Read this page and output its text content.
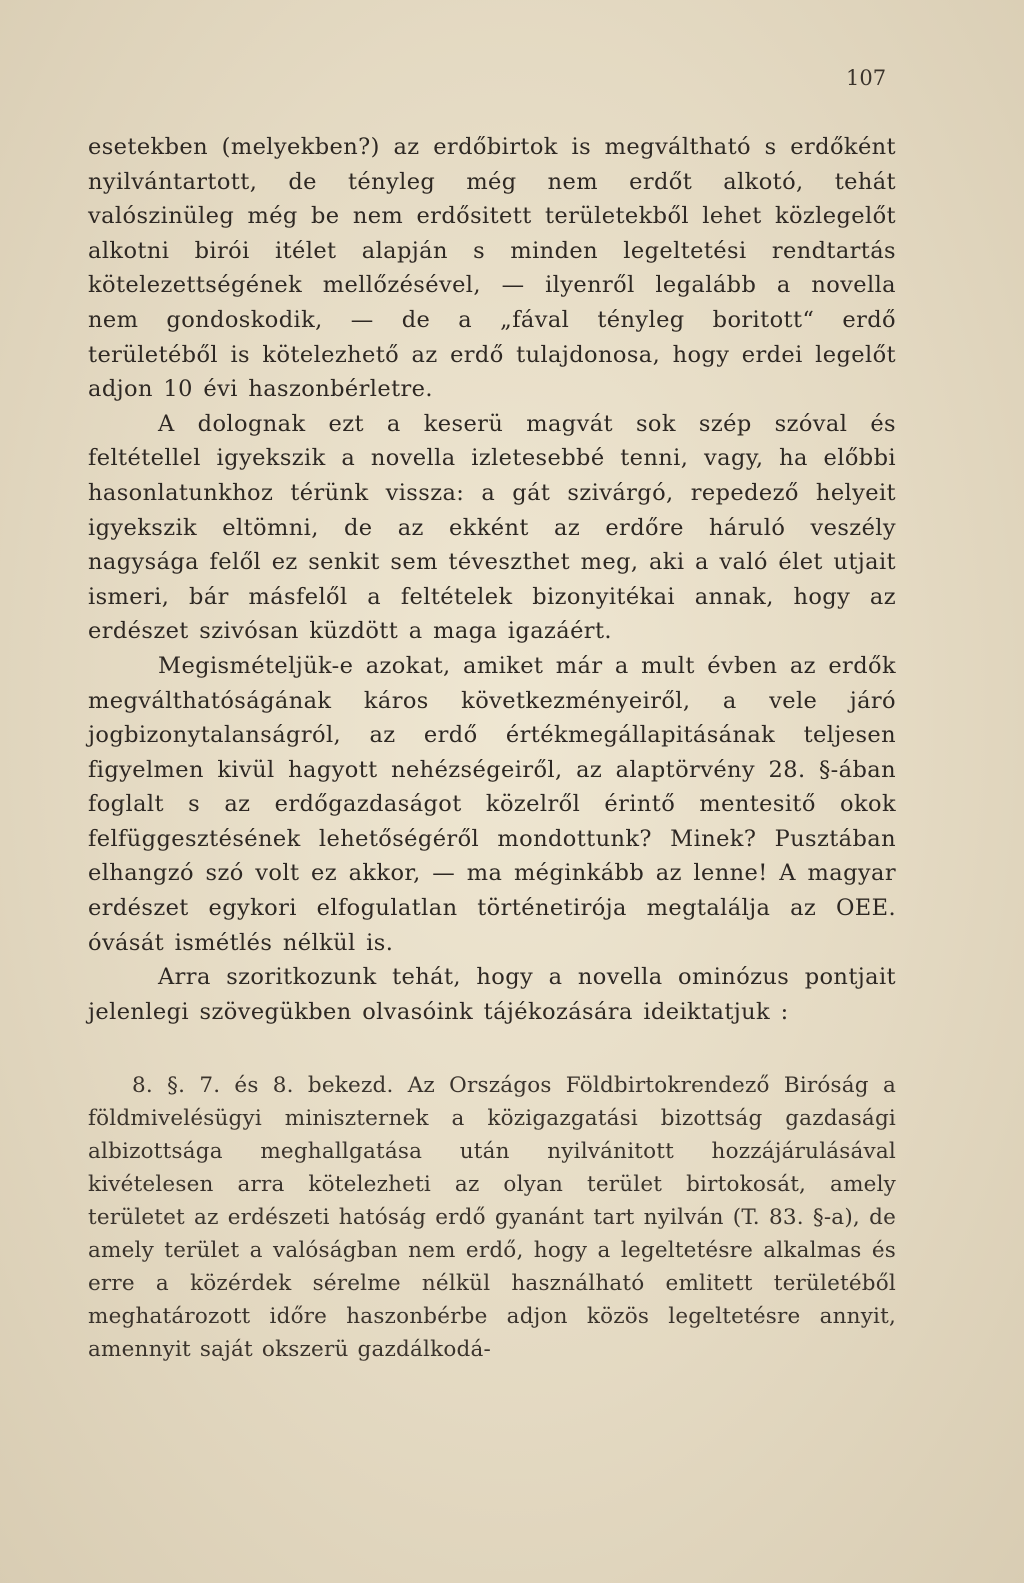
107

esetekben (melyekben?) az erdőbirtok is megváltható s erdőként nyilvántartott, de tényleg még nem erdőt alkotó, tehát valószinüleg még be nem erdősitett területekből lehet közlegelőt alkotni birói itélet alapján s minden legeltetési rendtartás kötelezettségének mellőzésével, — ilyenről legalább a novella nem gondoskodik, — de a „fával tényleg boritott“ erdő területéből is kötelezhető az erdő tulajdonosa, hogy erdei legelőt adjon 10 évi haszonbérletre.

A dolognak ezt a keserü magvát sok szép szóval és feltétellel igyekszik a novella izletesebbé tenni, vagy, ha előbbi hasonlatunkhoz térünk vissza: a gát szivárgó, repedező helyeit igyekszik eltömni, de az ekként az erdőre háruló veszély nagysága felől ez senkit sem téveszthet meg, aki a való élet utjait ismeri, bár másfelől a feltételek bizonyitékai annak, hogy az erdészet szivósan küzdött a maga igazáért.

Megismételjük-e azokat, amiket már a mult évben az erdők megválthatóságának káros következményeiről, a vele járó jogbizonytalanságról, az erdő értékmegállapitásának teljesen figyelmen kivül hagyott nehézségeiről, az alaptörvény 28. §-ában foglalt s az erdőgazdaságot közelről érintő mentesitő okok felfüggesztésének lehetőségéről mondottunk? Minek? Pusztában elhangzó szó volt ez akkor, — ma méginkább az lenne! A magyar erdészet egykori elfogulatlan történetirója megtalálja az OEE. óvását ismétlés nélkül is.

Arra szoritkozunk tehát, hogy a novella ominózus pontjait jelenlegi szövegükben olvasóink tájékozására ideiktatjuk :

8. §. 7. és 8. bekezd. Az Országos Földbirtokrendező Biróság a földmivelésügyi miniszternek a közigazgatási bizottság gazdasági albizottsága meghallgatása után nyilvánitott hozzájárulásával kivételesen arra kötelezheti az olyan terület birtokosát, amely területet az erdészeti hatóság erdő gyanánt tart nyilván (T. 83. §-a), de amely terület a valóságban nem erdő, hogy a legeltetésre alkalmas és erre a közérdek sérelme nélkül használható emlitett területéből meghatározott időre haszonbérbe adjon közös legeltetésre annyit, amennyit saját okszerü gazdálkodá-
